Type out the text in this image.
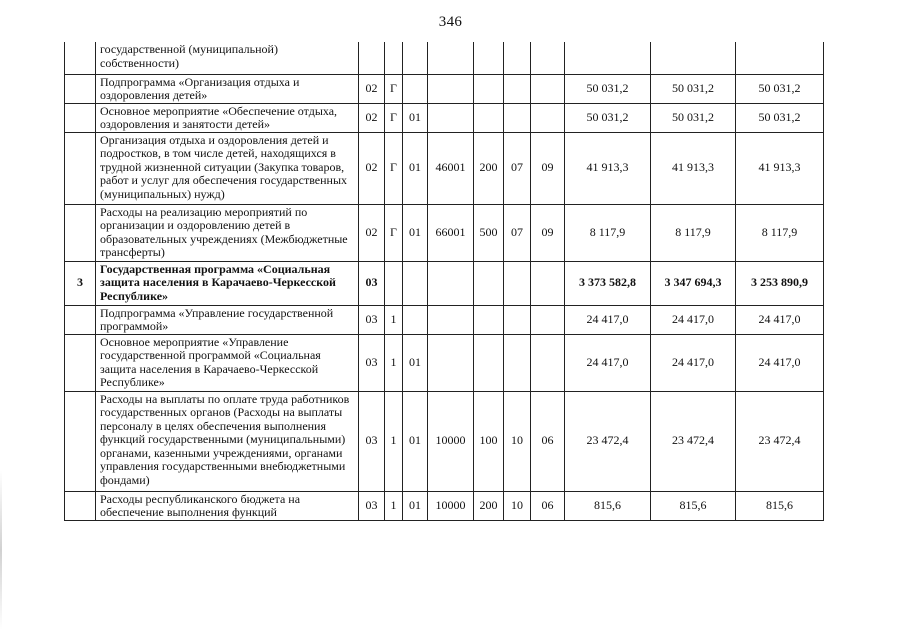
346
	государственной (муниципальной) собственности)										
	Подпрограмма «Организация отдыха и оздоровления детей»	02	Г						50 031,2	50 031,2	50 031,2
	Основное мероприятие «Обеспечение отдыха, оздоровления и занятости детей»	02	Г	01					50 031,2	50 031,2	50 031,2
	Организация отдыха и оздоровления детей и подростков, в том числе детей, находящихся в трудной жизненной ситуации (Закупка товаров, работ и услуг для обеспечения государственных (муниципальных) нужд)	02	Г	01	46001	200	07	09	41 913,3	41 913,3	41 913,3
	Расходы на реализацию мероприятий по организации и оздоровлению детей в образовательных учреждениях (Межбюджетные трансферты)	02	Г	01	66001	500	07	09	8 117,9	8 117,9	8 117,9
3	Государственная программа «Социальная защита населения в Карачаево-Черкесской Республике»	03							3 373 582,8	3 347 694,3	3 253 890,9
	Подпрограмма «Управление государственной программой»	03	1						24 417,0	24 417,0	24 417,0
	Основное мероприятие «Управление государственной программой «Социальная защита населения в Карачаево-Черкесской Республике»	03	1	01					24 417,0	24 417,0	24 417,0
	Расходы на выплаты по оплате труда работников государственных органов (Расходы на выплаты персоналу в целях обеспечения выполнения функций государственными (муниципальными) органами, казенными учреждениями, органами управления государственными внебюджетными фондами)	03	1	01	10000	100	10	06	23 472,4	23 472,4	23 472,4
	Расходы республиканского бюджета на обеспечение выполнения функций	03	1	01	10000	200	10	06	815,6	815,6	815,6
